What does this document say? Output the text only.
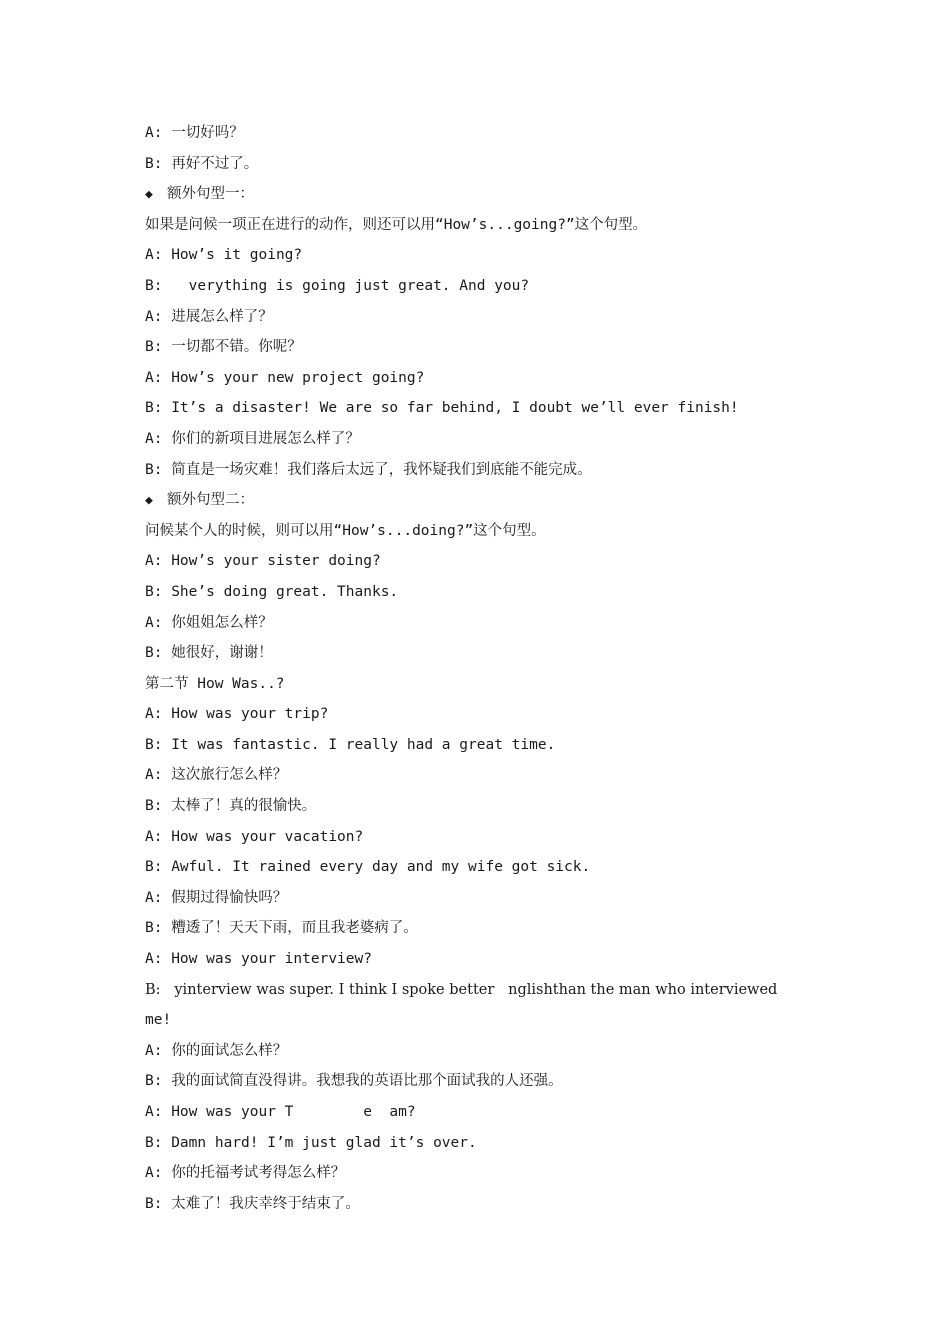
A: 一切好吗？
B: 再好不过了。
◆ 额外句型一：
如果是问候一项正在进行的动作，则还可以用“How’s...going?”这个句型。
A: How’s it going?
B:   verything is going just great. And you?
A: 进展怎么样了？
B: 一切都不错。你呢？
A: How’s your new project going?
B: It’s a disaster! We are so far behind, I doubt we’ll ever finish!
A: 你们的新项目进展怎么样了？
B: 简直是一场灾难！我们落后太远了，我怀疑我们到底能不能完成。
◆ 额外句型二：
问候某个人的时候，则可以用“How’s...doing?”这个句型。
A: How’s your sister doing?
B: She’s doing great. Thanks.
A: 你姐姐怎么样？
B: 她很好，谢谢！
第二节 How Was..?
A: How was your trip?
B: It was fantastic. I really had a great time.
A: 这次旅行怎么样？
B: 太棒了！真的很愉快。
A: How was your vacation?
B: Awful. It rained every day and my wife got sick.
A: 假期过得愉快吗？
B: 糟透了！天天下雨，而且我老婆病了。
A: How was your interview?
B:   yinterview was super. I think I spoke better   nglishthan the man who interviewed
me!
A: 你的面试怎么样？
B: 我的面试简直没得讲。我想我的英语比那个面试我的人还强。
A: How was your T        e  am?
B: Damn hard! I’m just glad it’s over.
A: 你的托福考试考得怎么样？
B: 太难了！我庆幸终于结束了。
